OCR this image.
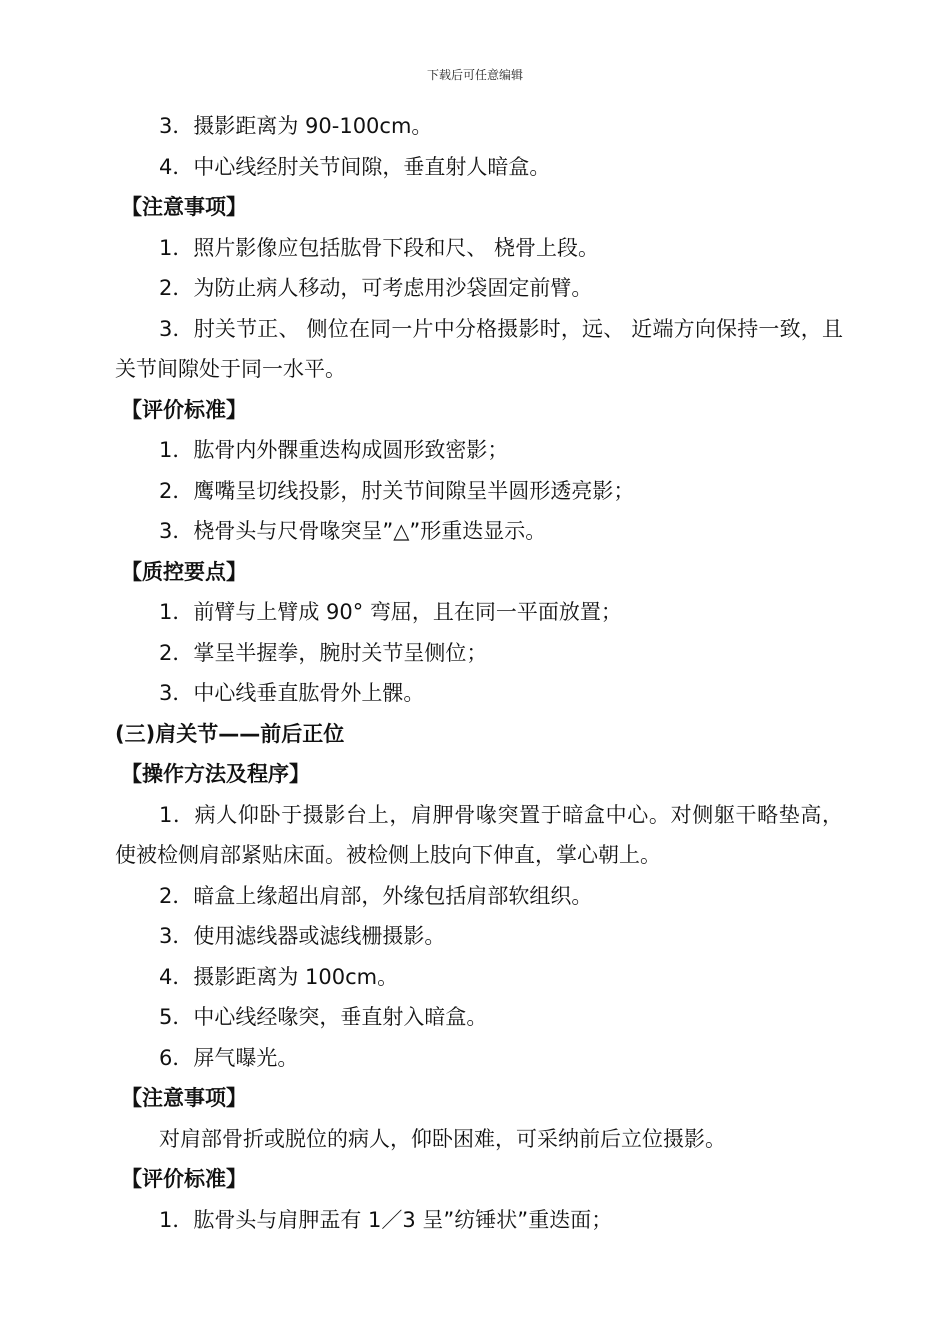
下载后可任意编辑
3．摄影距离为 90-100cm。
4．中心线经肘关节间隙，垂直射人暗盒。
【注意事项】
1．照片影像应包括肱骨下段和尺、 桡骨上段。
2．为防止病人移动，可考虑用沙袋固定前臂。
3．肘关节正、 侧位在同一片中分格摄影时，远、 近端方向保持一致，且关节间隙处于同一水平。
【评价标准】
1．肱骨内外髁重迭构成圆形致密影；
2．鹰嘴呈切线投影，肘关节间隙呈半圆形透亮影；
3．桡骨头与尺骨喙突呈”△”形重迭显示。
【质控要点】
1．前臂与上臂成 90° 弯屈，且在同一平面放置；
2．掌呈半握拳，腕肘关节呈侧位；
3．中心线垂直肱骨外上髁。
(三)肩关节——前后正位
【操作方法及程序】
1．病人仰卧于摄影台上，肩胛骨喙突置于暗盒中心。对侧躯干略垫高，使被检侧肩部紧贴床面。被检侧上肢向下伸直，掌心朝上。
2．暗盒上缘超出肩部，外缘包括肩部软组织。
3．使用滤线器或滤线栅摄影。
4．摄影距离为 100cm。
5．中心线经喙突，垂直射入暗盒。
6．屏气曝光。
【注意事项】
对肩部骨折或脱位的病人，仰卧困难，可采纳前后立位摄影。
【评价标准】
1．肱骨头与肩胛盂有 1／3 呈”纺锤状”重迭面；
